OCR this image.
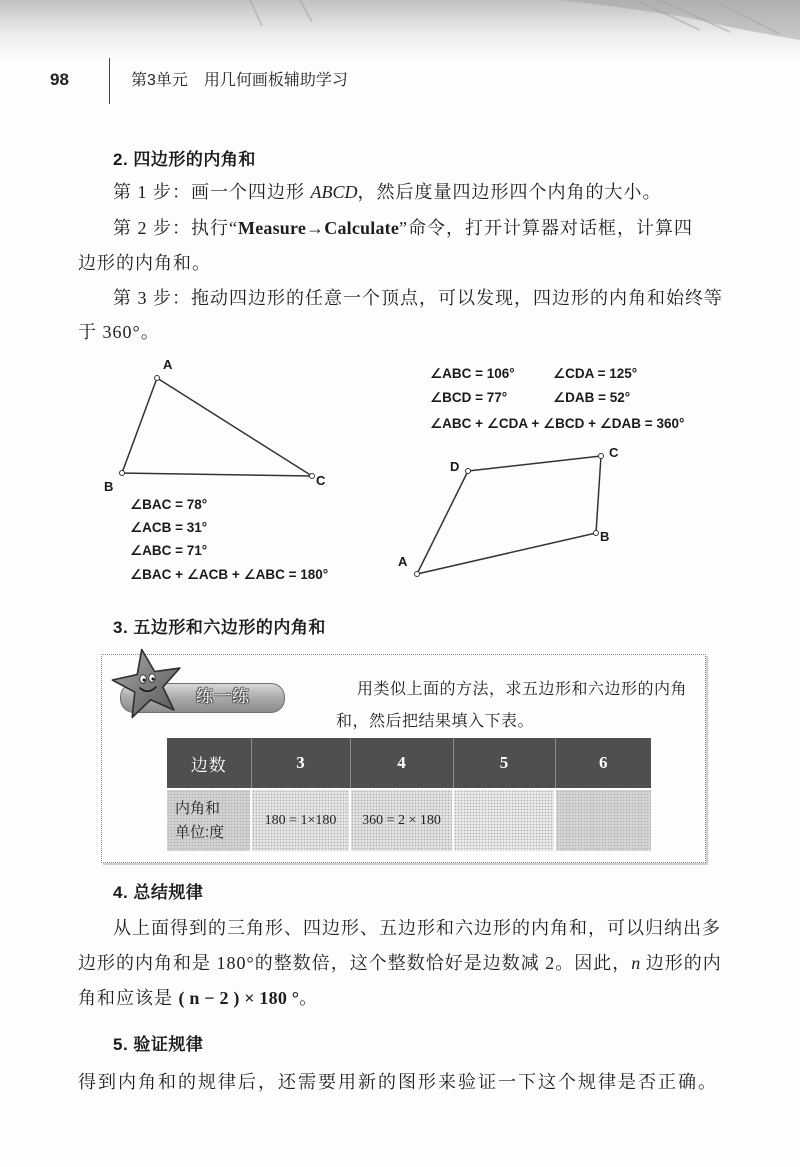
98	第3单元 用几何画板辅助学习
2. 四边形的内角和
第 1 步：画一个四边形 ABCD，然后度量四边形四个内角的大小。
第 2 步：执行“Measure→Calculate”命令，打开计算器对话框，计算四
边形的内角和。
第 3 步：拖动四边形的任意一个顶点，可以发现，四边形的内角和始终等
于 360°。
A
B	C
∠BAC = 78°
∠ACB = 31°
∠ABC = 71°
∠BAC + ∠ACB + ∠ABC = 180°
∠ABC = 106°	∠CDA = 125°
∠BCD = 77°	∠DAB = 52°
∠ABC + ∠CDA + ∠BCD + ∠DAB = 360°
D
C
B
A
3. 五边形和六边形的内角和
练一练	用类似上面的方法，求五边形和六边形的内角
和，然后把结果填入下表。
边数	3	4	5	6
内角和
单位:度	180 = 1×180	360 = 2 × 180		
4. 总结规律
从上面得到的三角形、四边形、五边形和六边形的内角和，可以归纳出多
边形的内角和是 180°的整数倍，这个整数恰好是边数减 2。因此，n 边形的内
角和应该是 ( n − 2 ) × 180 °。
5. 验证规律
得到内角和的规律后，还需要用新的图形来验证一下这个规律是否正确。
